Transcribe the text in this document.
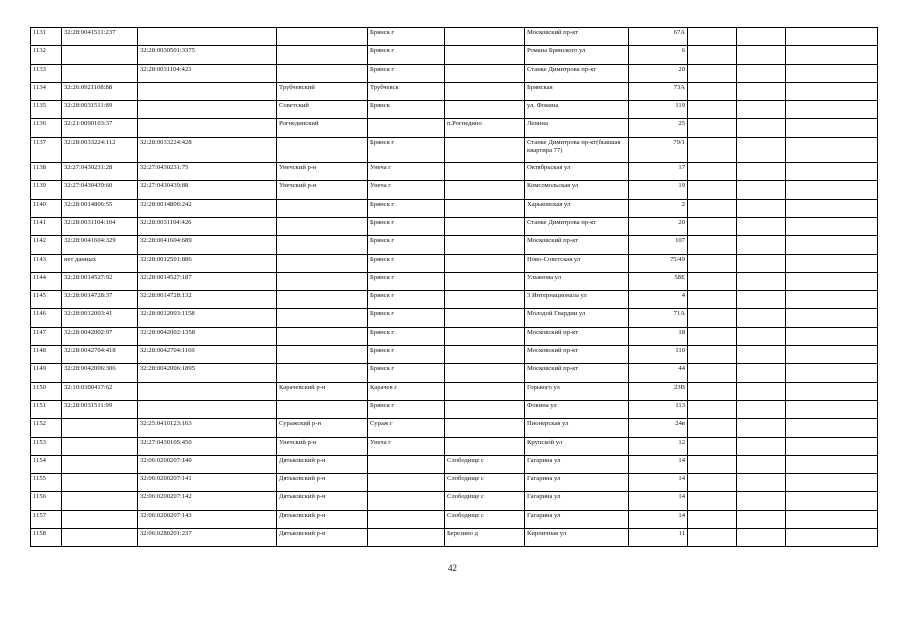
1131	32:28:0041511:237			Брянск г		Московский пр-кт	67А			
1132		32:28:0030501:3375		Брянск г		Романа Брянского ул	6			
1133		32:28:0031104:423		Брянск г		Станке Димитрова пр-кт	20			
1134	32:26:0921108:88		Трубчевский	Трубчевск		Брянская	73А			
1135	32:28:0031511:89		Советский	Брянск		ул. Фокина	119			
1136	32:21:0090103:37		Рогнединский		п.Рогнедино	Ленина	25			
1137	32:28:0033224:112	32:28:0033224:428		Брянск г		Станке Димитрова пр-кт(бывшая квартира 77)	79/1			
1138	32:27:0430231:28	32:27:0430231:75	Унечский р-н	Унеча г		Октябрьская ул	17			
1139	32:27:0430439:60	32:27:0430439:88	Унечский р-н	Унеча г		Комсомольская ул	19			
1140	32:28:0014806:55	32:28:0014806:242		Брянск г		Харьковская ул	2			
1141	32:28:0031104:104	32:28:0031104:426		Брянск г		Станке Димитрова пр-кт	20			
1142	32:28:0041604:329	32:28:0041604:689		Брянск г		Московский пр-кт	107			
1143	нет данных	32:28:0012501:886		Брянск г		Ново-Советская ул	75/49			
1144	32:28:0014527:92	32:28:0014527:187		Брянск г		Ульянова ул	58Е			
1145	32:28:0014728:37	32:28:0014728:132		Брянск г		3 Интернационала ул	4			
1146	32:28:0012003:41	32:28:0012003:1158		Брянск г		Молодой Гвардии ул	71А			
1147	32:28:0042002:97	32:28:0042002:1358		Брянск г		Московский пр-кт	18			
1148	32:28:0042704:418	32:28:0042704:1169		Брянск г		Московский пр-кт	110			
1149	32:28:0042006:306	32:28:0042006:1895		Брянск г		Московский пр-кт	44			
1150	32:10:0300417:62		Карачевский р-н	Карачев г		Горького ул	23В			
1151	32:28:0031511:99			Брянск г		Фокина ул	113			
1152		32:25:0410123:163	Суражский р-н	Сураж г		Пионерская ул	24в			
1153		32:27:0430105:450	Унечский р-н	Унеча г		Крупской ул	12			
1154		32:06:0200207:140	Дятьковский р-н		Слободище с	Гагарина ул	14			
1155		32:06:0200207:141	Дятьковский р-н		Слободище с	Гагарина ул	14			
1156		32:06:0200207:142	Дятьковский р-н		Слободище с	Гагарина ул	14			
1157		32:06:0200207:143	Дятьковский р-н		Слободище с	Гагарина ул	14			
1158		32:06:0280201:237	Дятьковский р-н		Березино д	Кирпичная ул	11			
42
